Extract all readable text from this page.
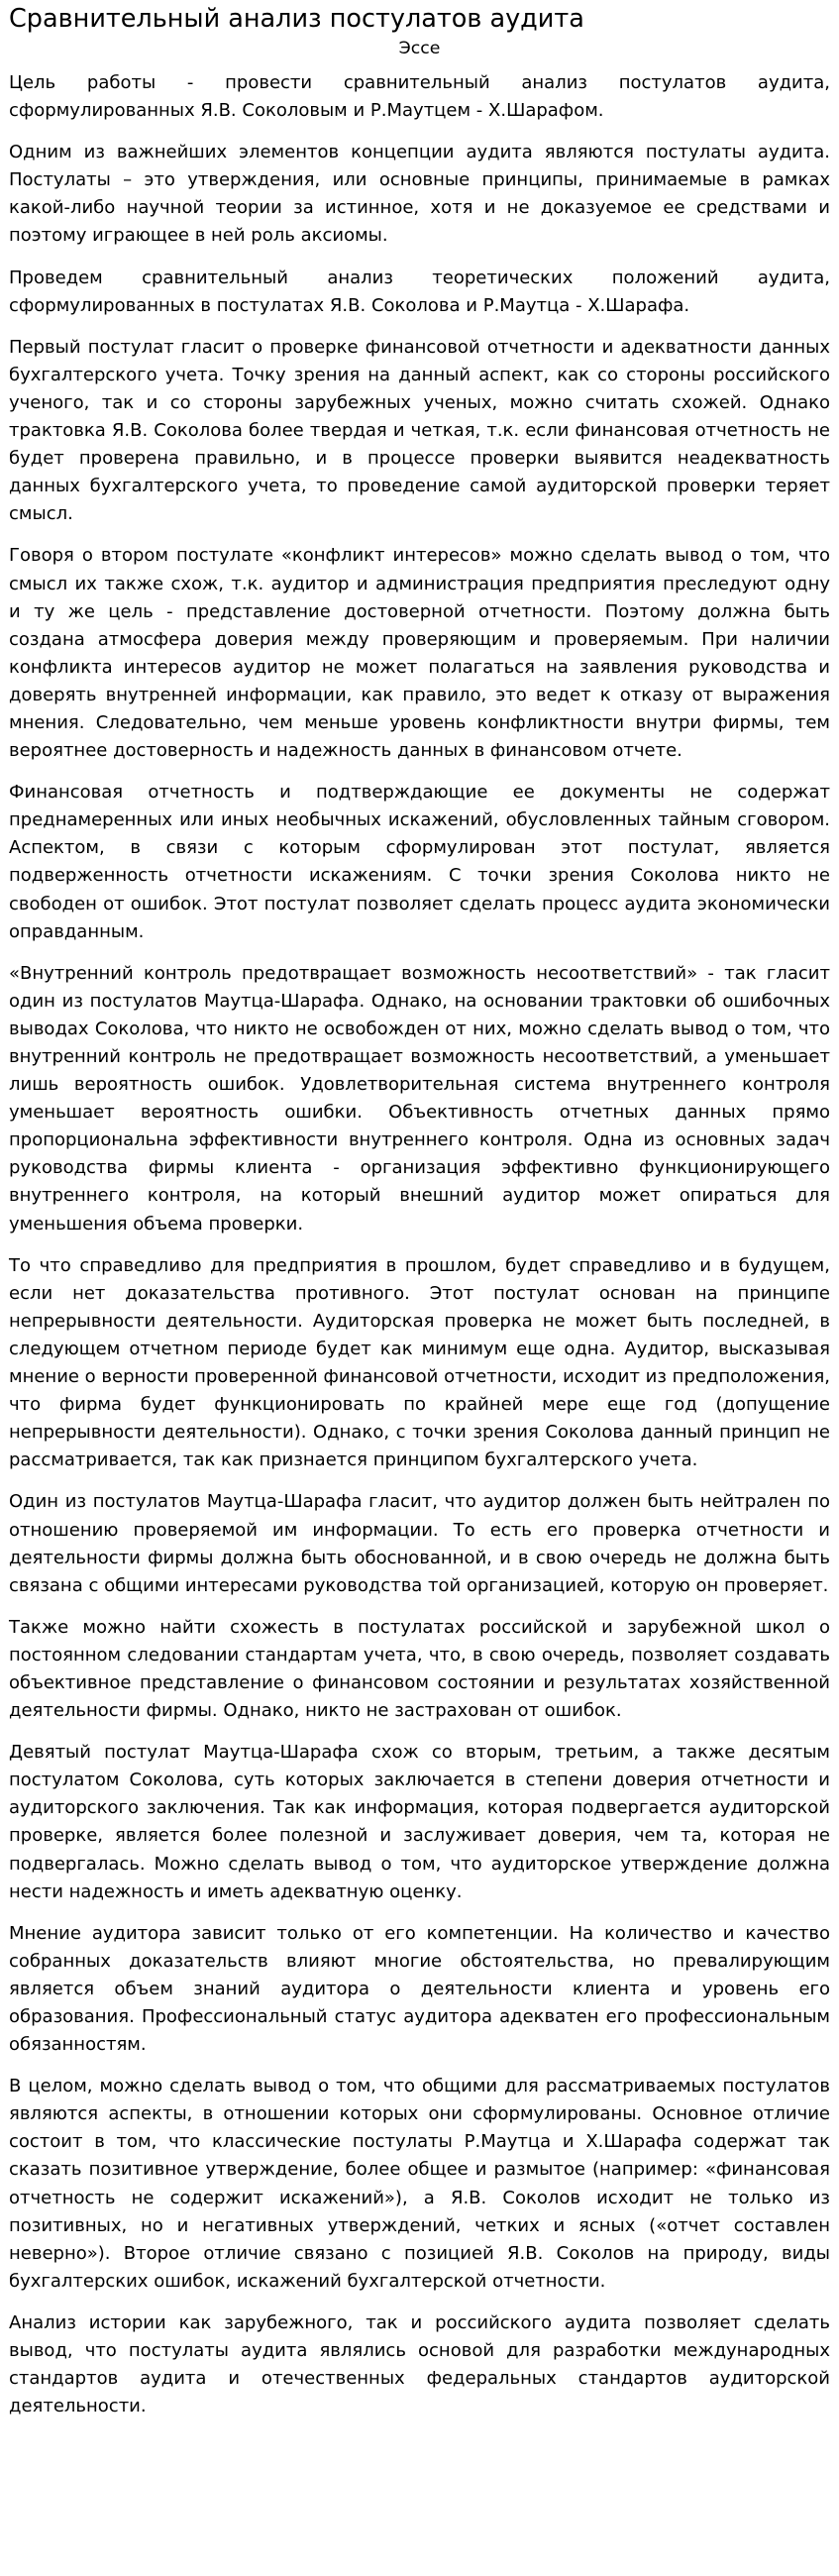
Сравнительный анализ постулатов аудита
Эссе

Цель работы - провести сравнительный анализ постулатов аудита, сформулированных Я.В. Соколовым и Р.Маутцем - Х.Шарафом.

Одним из важнейших элементов концепции аудита являются постулаты аудита. Постулаты – это утверждения, или основные принципы, принимаемые в рамках какой-либо научной теории за истинное, хотя и не доказуемое ее средствами и поэтому играющее в ней роль аксиомы.

Проведем сравнительный анализ теоретических положений аудита, сформулированных в постулатах Я.В. Соколова и Р.Маутца - Х.Шарафа.

Первый постулат гласит о проверке финансовой отчетности и адекватности данных бухгалтерского учета. Точку зрения на данный аспект, как со стороны российского ученого, так и со стороны зарубежных ученых, можно считать схожей. Однако трактовка Я.В. Соколова более твердая и четкая, т.к. если финансовая отчетность не будет проверена правильно, и в процессе проверки выявится неадекватность данных бухгалтерского учета, то проведение самой аудиторской проверки теряет смысл.

Говоря о втором постулате «конфликт интересов» можно сделать вывод о том, что смысл их также схож, т.к. аудитор и администрация предприятия преследуют одну и ту же цель - представление достоверной отчетности. Поэтому должна быть создана атмосфера доверия между проверяющим и проверяемым. При наличии конфликта интересов аудитор не может полагаться на заявления руководства и доверять внутренней информации, как правило, это ведет к отказу от выражения мнения. Следовательно, чем меньше уровень конфликтности внутри фирмы, тем вероятнее достоверность и надежность данных в финансовом отчете.

Финансовая отчетность и подтверждающие ее документы не содержат преднамеренных или иных необычных искажений, обусловленных тайным сговором. Аспектом, в связи с которым сформулирован этот постулат, является подверженность отчетности искажениям. С точки зрения Соколова никто не свободен от ошибок. Этот постулат позволяет сделать процесс аудита экономически оправданным.

«Внутренний контроль предотвращает возможность несоответствий» - так гласит один из постулатов Маутца-Шарафа. Однако, на основании трактовки об ошибочных выводах Соколова, что никто не освобожден от них, можно сделать вывод о том, что внутренний контроль не предотвращает возможность несоответствий, а уменьшает лишь вероятность ошибок. Удовлетворительная система внутреннего контроля уменьшает вероятность ошибки. Объективность отчетных данных прямо пропорциональна эффективности внутреннего контроля. Одна из основных задач руководства фирмы клиента - организация эффективно функционирующего внутреннего контроля, на который внешний аудитор может опираться для уменьшения объема проверки.

То что справедливо для предприятия в прошлом, будет справедливо и в будущем, если нет доказательства противного. Этот постулат основан на принципе непрерывности деятельности. Аудиторская проверка не может быть последней, в следующем отчетном периоде будет как минимум еще одна. Аудитор, высказывая мнение о верности проверенной финансовой отчетности, исходит из предположения, что фирма будет функционировать по крайней мере еще год (допущение непрерывности деятельности). Однако, с точки зрения Соколова данный принцип не рассматривается, так как признается принципом бухгалтерского учета.

Один из постулатов Маутца-Шарафа гласит, что аудитор должен быть нейтрален по отношению проверяемой им информации. То есть его проверка отчетности и деятельности фирмы должна быть обоснованной, и в свою очередь не должна быть связана с общими интересами руководства той организацией, которую он проверяет.

Также можно найти схожесть в постулатах российской и зарубежной школ о постоянном следовании стандартам учета, что, в свою очередь, позволяет создавать объективное представление о финансовом состоянии и результатах хозяйственной деятельности фирмы. Однако, никто не застрахован от ошибок.

Девятый постулат Маутца-Шарафа схож со вторым, третьим, а также десятым постулатом Соколова, суть которых заключается в степени доверия отчетности и аудиторского заключения. Так как информация, которая подвергается аудиторской проверке, является более полезной и заслуживает доверия, чем та, которая не подвергалась. Можно сделать вывод о том, что аудиторское утверждение должна нести надежность и иметь адекватную оценку.

Мнение аудитора зависит только от его компетенции. На количество и качество собранных доказательств влияют многие обстоятельства, но превалирующим является объем знаний аудитора о деятельности клиента и уровень его образования. Профессиональный статус аудитора адекватен его профессиональным обязанностям.

В целом, можно сделать вывод о том, что общими для рассматриваемых постулатов являются аспекты, в отношении которых они сформулированы. Основное отличие состоит в том, что классические постулаты Р.Маутца и Х.Шарафа содержат так сказать позитивное утверждение, более общее и размытое (например: «финансовая отчетность не содержит искажений»), а Я.В. Соколов исходит не только из позитивных, но и негативных утверждений, четких и ясных («отчет составлен неверно»). Второе отличие связано с позицией Я.В. Соколов на природу, виды бухгалтерских ошибок, искажений бухгалтерской отчетности.

Анализ истории как зарубежного, так и российского аудита позволяет сделать вывод, что постулаты аудита являлись основой для разработки международных стандартов аудита и отечественных федеральных стандартов аудиторской деятельности.
